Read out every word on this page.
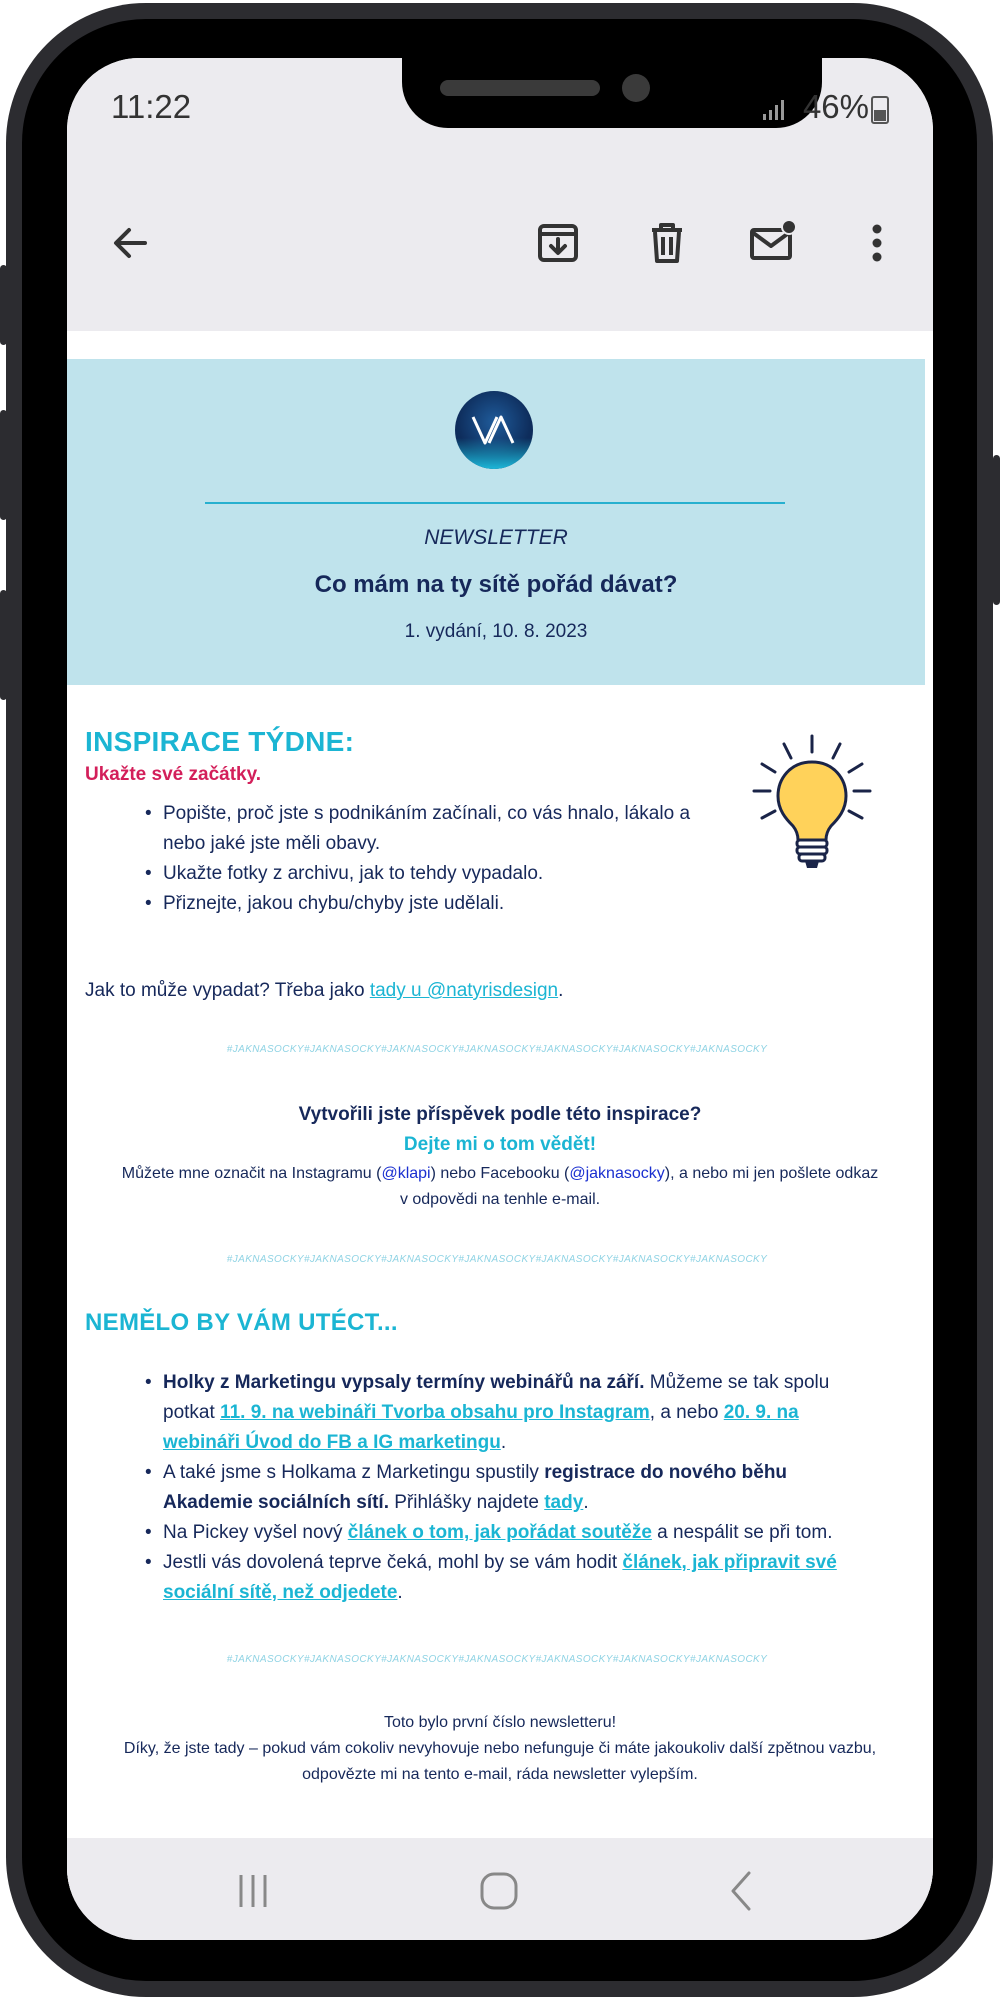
11:22	46%
NEWSLETTER
Co mám na ty sítě pořád dávat?
1. vydání, 10. 8. 2023
INSPIRACE TÝDNE:
Ukažte své začátky.
• Popište, proč jste s podnikáním začínali, co vás hnalo, lákalo a nebo jaké jste měli obavy.
• Ukažte fotky z archivu, jak to tehdy vypadalo.
• Přiznejte, jakou chybu/chyby jste udělali.
Jak to může vypadat? Třeba jako tady u @natyrisdesign.
#JAKNASOCKY#JAKNASOCKY#JAKNASOCKY#JAKNASOCKY#JAKNASOCKY#JAKNASOCKY#JAKNASOCKY
Vytvořili jste příspěvek podle této inspirace?
Dejte mi o tom vědět!
Můžete mne označit na Instagramu (@klapi) nebo Facebooku (@jaknasocky), a nebo mi jen pošlete odkaz
v odpovědi na tenhle e-mail.
#JAKNASOCKY#JAKNASOCKY#JAKNASOCKY#JAKNASOCKY#JAKNASOCKY#JAKNASOCKY#JAKNASOCKY
NEMĚLO BY VÁM UTÉCT...
• Holky z Marketingu vypsaly termíny webinářů na září. Můžeme se tak spolu potkat 11. 9. na webináři Tvorba obsahu pro Instagram, a nebo 20. 9. na webináři Úvod do FB a IG marketingu.
• A také jsme s Holkama z Marketingu spustily registrace do nového běhu Akademie sociálních sítí. Přihlášky najdete tady.
• Na Pickey vyšel nový článek o tom, jak pořádat soutěže a nespálit se při tom.
• Jestli vás dovolená teprve čeká, mohl by se vám hodit článek, jak připravit své sociální sítě, než odjedete.
#JAKNASOCKY#JAKNASOCKY#JAKNASOCKY#JAKNASOCKY#JAKNASOCKY#JAKNASOCKY#JAKNASOCKY
Toto bylo první číslo newsletteru!
Díky, že jste tady – pokud vám cokoliv nevyhovuje nebo nefunguje či máte jakoukoliv další zpětnou vazbu,
odpovězte mi na tento e-mail, ráda newsletter vylepším.
